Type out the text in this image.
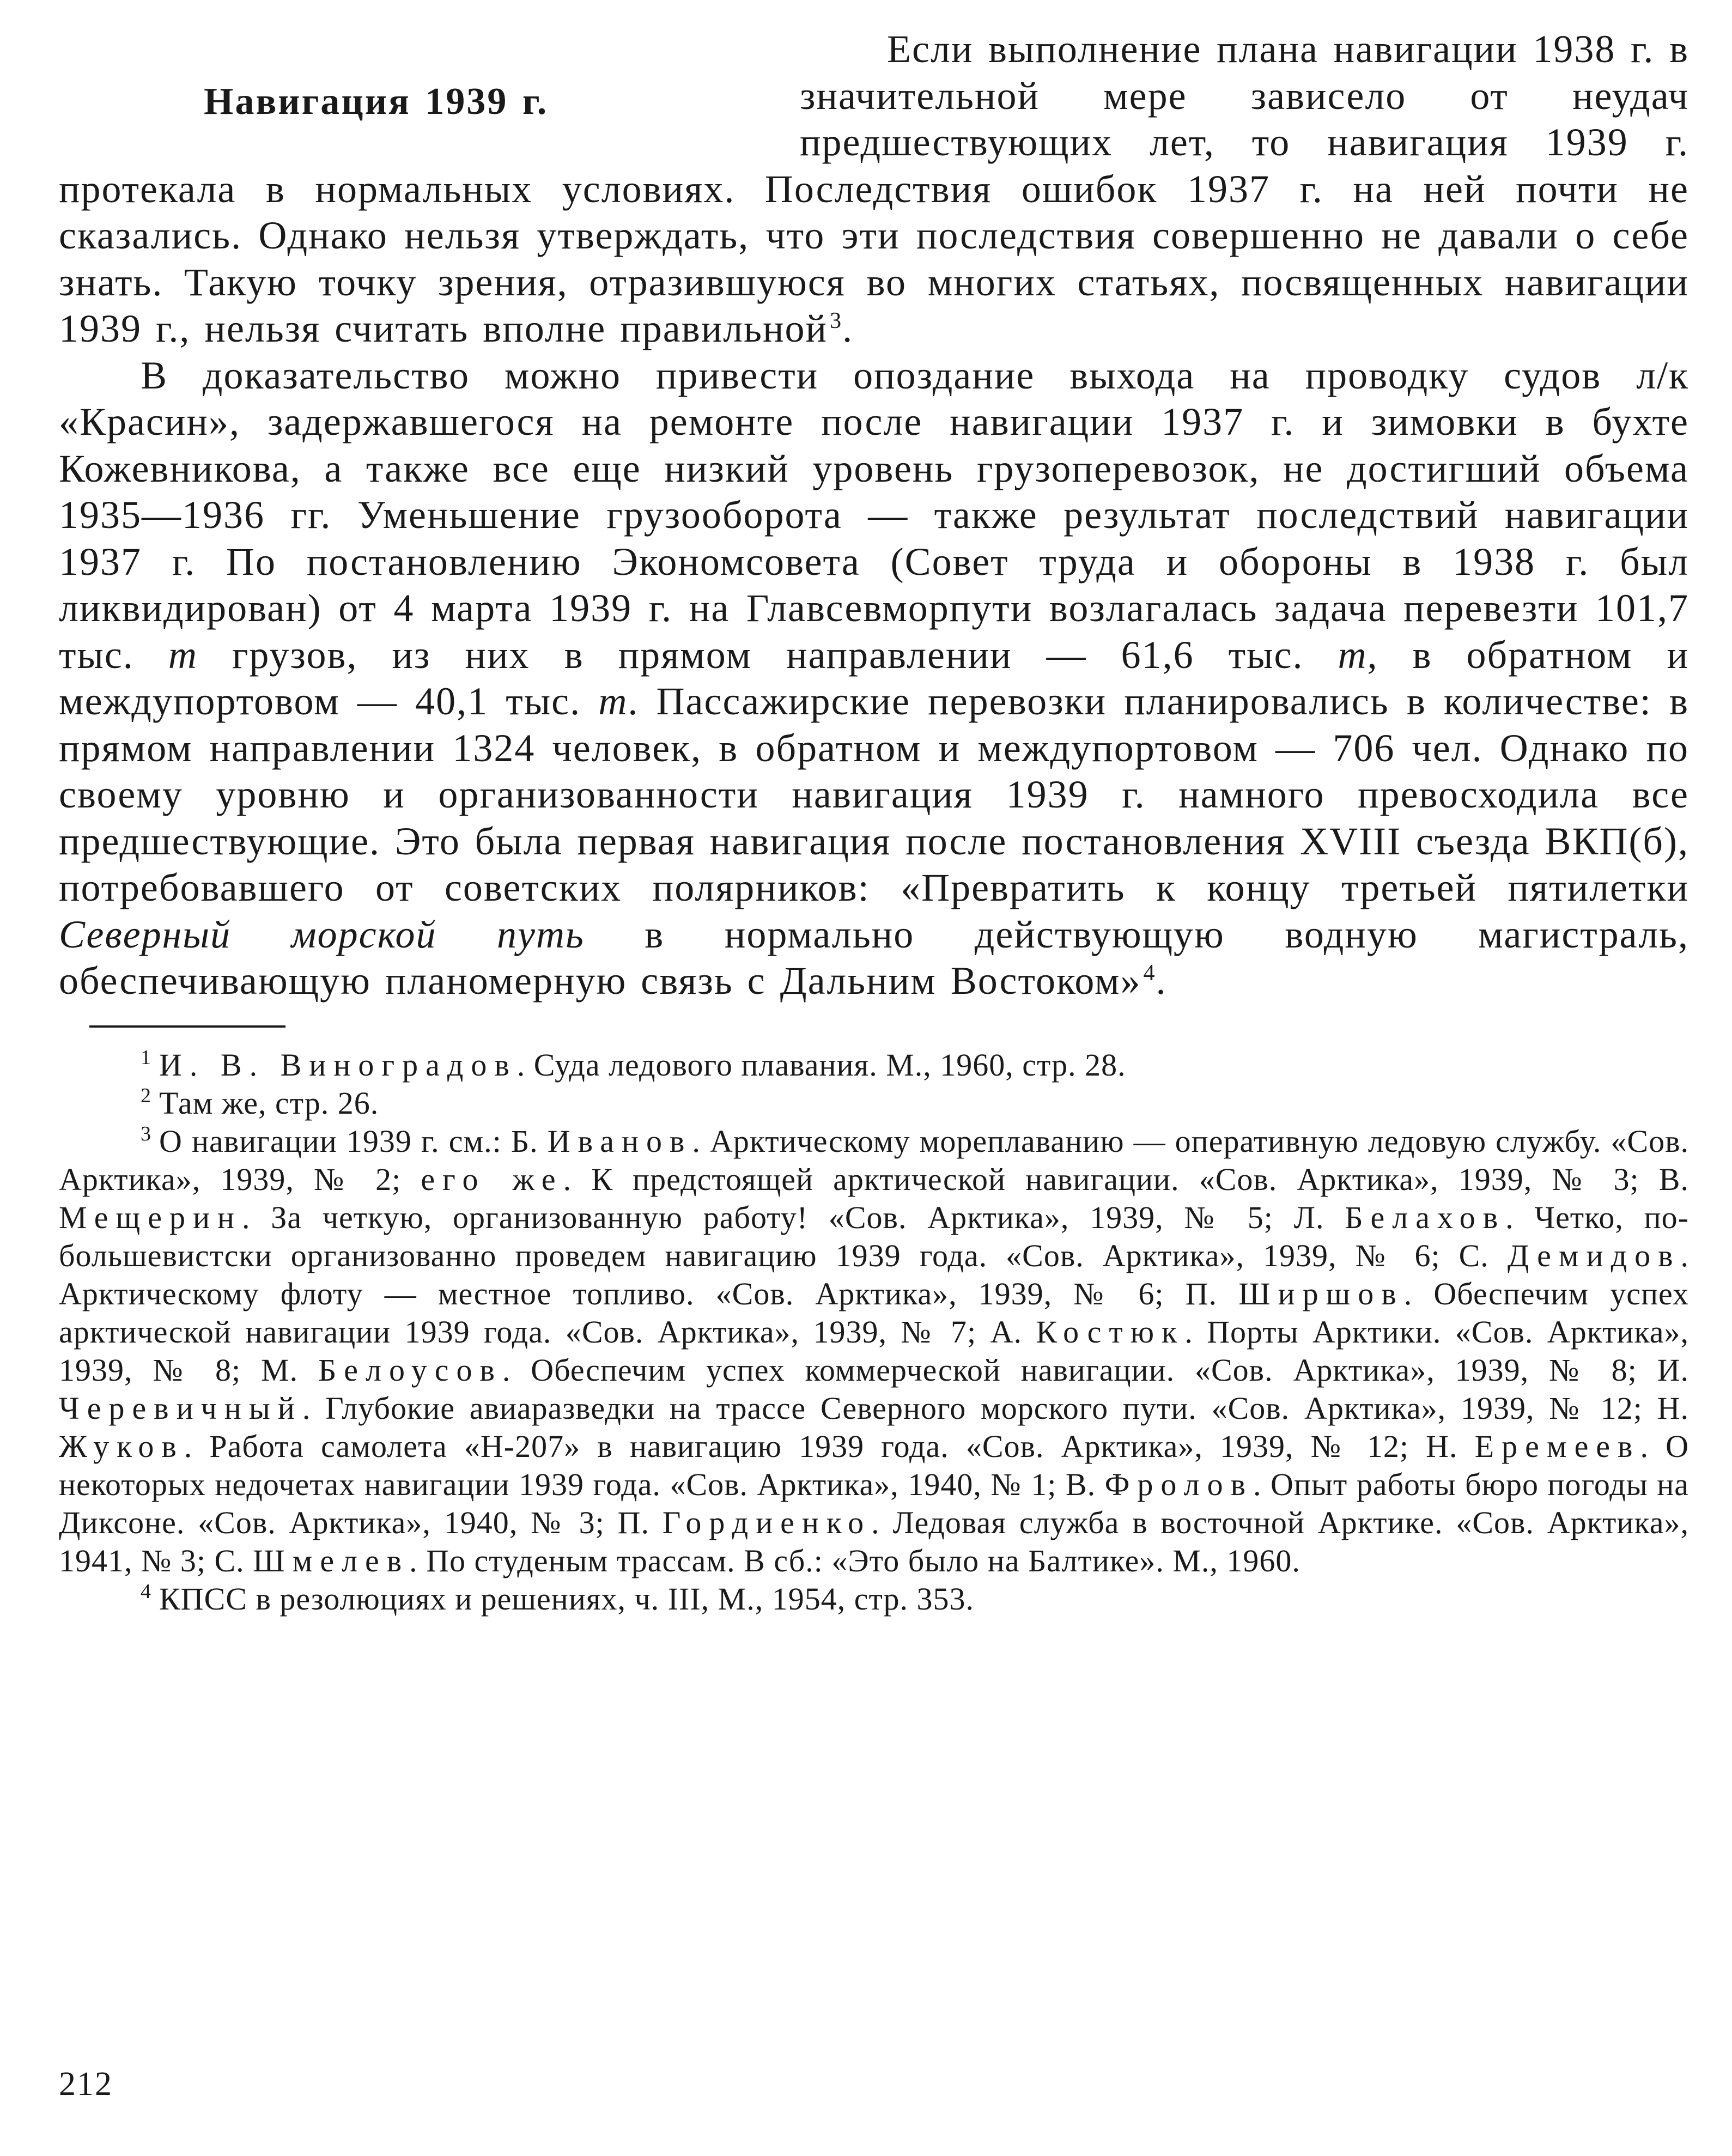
Навигация 1939 г.
Если выполнение плана навигации 1938 г. в значительной мере зависело от неудач предшествующих лет, то навигация 1939 г. протекала в нормальных условиях. Последствия ошибок 1937 г. на ней почти не сказались. Однако нельзя утверждать, что эти последствия совершенно не давали о себе знать. Такую точку зрения, отразившуюся во многих статьях, посвященных навигации 1939 г., нельзя считать вполне правильной$^3$.

В доказательство можно привести опоздание выхода на проводку судов л/к «Красин», задержавшегося на ремонте после навигации 1937 г. и зимовки в бухте Кожевникова, а также все еще низкий уровень грузоперевозок, не достигший объема 1935—1936 гг. Уменьшение грузооборота — также результат последствий навигации 1937 г. По постановлению Экономсовета (Совет труда и обороны в 1938 г. был ликвидирован) от 4 марта 1939 г. на Главсевморпути возлагалась задача перевезти 101,7 тыс. т грузов, из них в прямом направлении — 61,6 тыс. т, в обратном и междупортовом — 40,1 тыс. т. Пассажирские перевозки планировались в количестве: в прямом направлении 1324 человек, в обратном и междупортовом — 706 чел. Однако по своему уровню и организованности навигация 1939 г. намного превосходила все предшествующие. Это была первая навигация после постановления XVIII съезда ВКП(б), потребовавшего от советских полярников: «Превратить к концу третьей пятилетки Северный морской путь в нормально действующую водную магистраль, обеспечивающую планомерную связь с Дальним Востоком»$^4$.

$^1$ И. В. Виноградов. Суда ледового плавания. М., 1960, стр. 28.

$^2$ Там же, стр. 26.

$^3$ О навигации 1939 г. см.: Б. Иванов. Арктическому мореплаванию — оперативную ледовую службу. «Сов. Арктика», 1939, № 2; его же. К предстоящей арктической навигации. «Сов. Арктика», 1939, № 3; В. Мещерин. За четкую, организованную работу! «Сов. Арктика», 1939, № 5; Л. Белахов. Четко, по-большевистски организованно проведем навигацию 1939 года. «Сов. Арктика», 1939, № 6; С. Демидов. Арктическому флоту — местное топливо. «Сов. Арктика», 1939, № 6; П. Ширшов. Обеспечим успех арктической навигации 1939 года. «Сов. Арктика», 1939, № 7; А. Костюк. Порты Арктики. «Сов. Арктика», 1939, № 8; М. Белоусов. Обеспечим успех коммерческой навигации. «Сов. Арктика», 1939, № 8; И. Черевичный. Глубокие авиаразведки на трассе Северного морского пути. «Сов. Арктика», 1939, № 12; Н. Жуков. Работа самолета «Н-207» в навигацию 1939 года. «Сов. Арктика», 1939, № 12; Н. Еремеев. О некоторых недочетах навигации 1939 года. «Сов. Арктика», 1940, № 1; В. Фролов. Опыт работы бюро погоды на Диксоне. «Сов. Арктика», 1940, № 3; П. Гордиенко. Ледовая служба в восточной Арктике. «Сов. Арктика», 1941, № 3; С. Шмелев. По студеным трассам. В сб.: «Это было на Балтике». М., 1960.

$^4$ КПСС в резолюциях и решениях, ч. III, М., 1954, стр. 353.

212
